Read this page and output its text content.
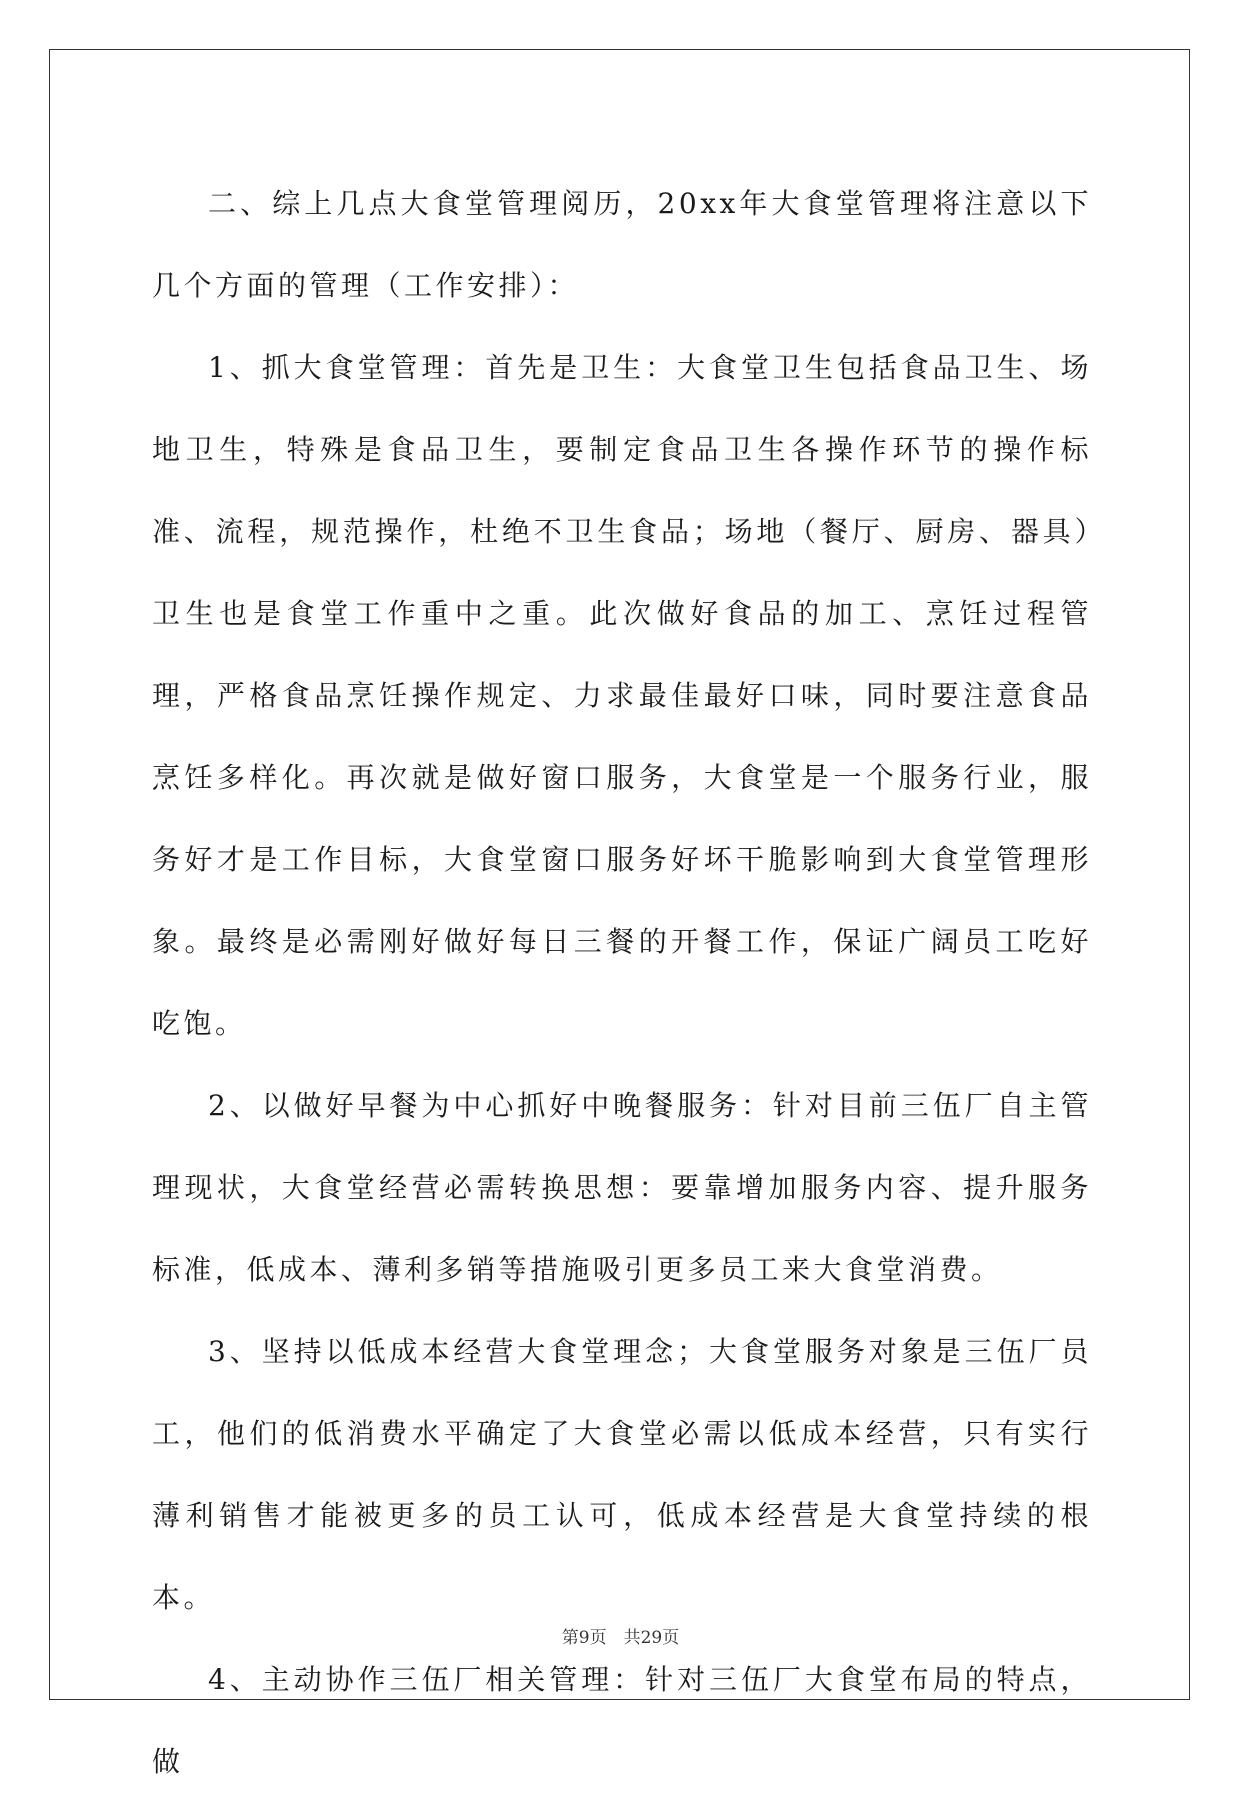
二、综上几点大食堂管理阅历，20xx年大食堂管理将注意以下几个方面的管理（工作安排）：

1、抓大食堂管理：首先是卫生：大食堂卫生包括食品卫生、场地卫生，特殊是食品卫生，要制定食品卫生各操作环节的操作标准、流程，规范操作，杜绝不卫生食品；场地（餐厅、厨房、器具）卫生也是食堂工作重中之重。此次做好食品的加工、烹饪过程管理，严格食品烹饪操作规定、力求最佳最好口味，同时要注意食品烹饪多样化。再次就是做好窗口服务，大食堂是一个服务行业，服务好才是工作目标，大食堂窗口服务好坏干脆影响到大食堂管理形象。最终是必需刚好做好每日三餐的开餐工作，保证广阔员工吃好吃饱。

2、以做好早餐为中心抓好中晚餐服务：针对目前三伍厂自主管理现状，大食堂经营必需转换思想：要靠增加服务内容、提升服务标准，低成本、薄利多销等措施吸引更多员工来大食堂消费。

3、坚持以低成本经营大食堂理念；大食堂服务对象是三伍厂员工，他们的低消费水平确定了大食堂必需以低成本经营，只有实行薄利销售才能被更多的员工认可，低成本经营是大食堂持续的根本。

4、主动协作三伍厂相关管理：针对三伍厂大食堂布局的特点，做

第9页　共29页
